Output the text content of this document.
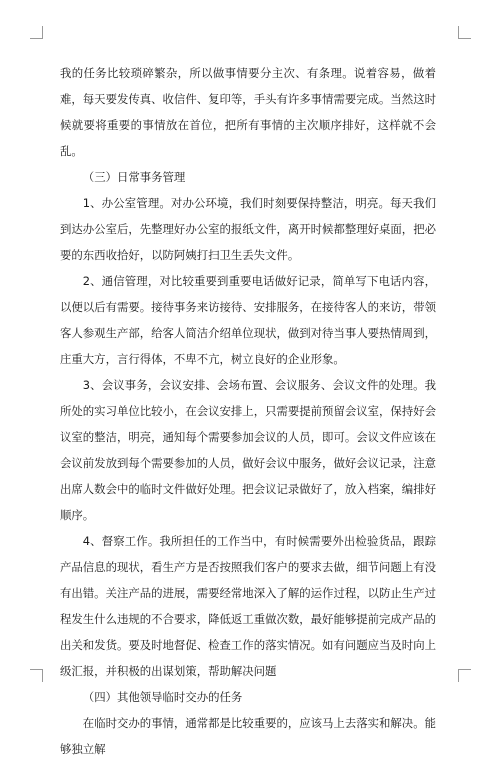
我的任务比较琐碎繁杂，所以做事情要分主次、有条理。说着容易，做着难，每天要发传真、收信件、复印等，手头有许多事情需要完成。当然这时候就要将重要的事情放在首位，把所有事情的主次顺序排好，这样就不会乱。

（三）日常事务管理

1、办公室管理。对办公环境，我们时刻要保持整洁，明亮。每天我们到达办公室后，先整理好办公室的报纸文件，离开时候都整理好桌面，把必要的东西收拾好，以防阿姨打扫卫生丢失文件。

2、通信管理，对比较重要到重要电话做好记录，简单写下电话内容，以便以后有需要。接待事务来访接待、安排服务，在接待客人的来访，带领客人参观生产部，给客人简洁介绍单位现状，做到对待当事人要热情周到，庄重大方，言行得体，不卑不亢，树立良好的企业形象。

3、会议事务，会议安排、会场布置、会议服务、会议文件的处理。我所处的实习单位比较小，在会议安排上，只需要提前预留会议室，保持好会议室的整洁，明亮，通知每个需要参加会议的人员，即可。会议文件应该在会议前发放到每个需要参加的人员，做好会议中服务，做好会议记录，注意出席人数会中的临时文件做好处理。把会议记录做好了，放入档案，编排好顺序。

4、督察工作。我所担任的工作当中，有时候需要外出检验货品，跟踪产品信息的现状，看生产方是否按照我们客户的要求去做，细节问题上有没有出错。关注产品的进展，需要经常地深入了解的运作过程，以防止生产过程发生什么违规的不合要求，降低返工重做次数，最好能够提前完成产品的出关和发货。要及时地督促、检查工作的落实情况。如有问题应当及时向上级汇报，并积极的出谋划策，帮助解决问题

（四）其他领导临时交办的任务

在临时交办的事情，通常都是比较重要的，应该马上去落实和解决。能够独立解
